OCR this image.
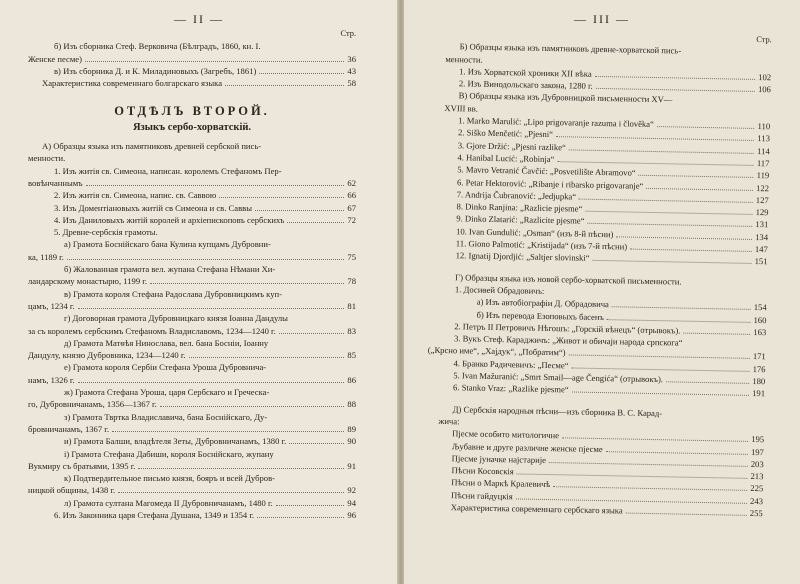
— II —
Стр.
б) Изъ сборника Стеф. Верковича (Бѣлградъ, 1860, кн. I.
Женске песме)	36
в) Изъ сборника Д. и К. Миладиновыхъ (Загребъ, 1861)	43
Характеристика современнаго болгарскаго языка	58
ОТДѢЛЪ ВТОРОЙ.
Языкъ сербо-хорватскій.
А) Образцы языка изъ памятниковъ древней сербской пись-
менности.
1. Изъ житія св. Симеона, написан. королемъ Стефаномъ Пер-
вовѣнчаннымъ	62
2. Изъ житія св. Симеона, напис. св. Саввою	66
3. Изъ Доментіановыхъ житій св Симеона и св. Саввы	67
4. Изъ Даниловыхъ житій королей и архіепископовъ сербскихъ	72
5. Древне-сербскія грамоты.
а) Грамота Боснійскаго бана Кулина купцамъ Дубровни-
ка, 1189 г.	75
б) Жалованная грамота вел. жупана Стефана Нѣмани Хи-
ландарскому монастырю, 1199 г.	78
в) Грамота короля Стефана Радослава Дубровницкимъ куп-
цамъ, 1234 г.	81
г) Договорная грамота Дубровницкаго князя Іоанна Дандулы
за съ королемъ сербскимъ Стефаномъ Владиславомъ, 1234—1240 г.	83
д) Грамота Матѳѣя Нинославa, вел. бана Босніи, Іоанну
Дандулу, князю Дубровника, 1234—1240 г.	85
е) Грамота короля Сербіи Стефана Уроша Дубровнича-
намъ, 1326 г.	86
ж) Грамота Стефана Уроша, царя Сербскаго и Греческа-
го, Дубровничанамъ, 1356—1367 г.	88
з) Грамота Твртка Владиславича, бана Боснійскаго, Ду-
бровничанамъ, 1367 г.	89
и) Грамота Балши, владѣтеля Зеты, Дубровничанамъ, 1380 г.	90
і) Грамота Стефана Дабиши, короля Боснійскаго, жупану
Вукмиру съ братьями, 1395 г.	91
к) Подтвердительное письмо князя, бояръ и всей Дубров-
ницкой общины, 1438 г.	92
л) Грамота султана Магомеда II Дубровничанамъ, 1480 г.	94
6. Изъ Законника царя Стефана Душана, 1349 и 1354 г.	96
— III —
Стр.
Б) Образцы языка изъ памятниковъ древне-хорватской пись-
менности.
1. Изъ Хорватской хроники XII вѣка	102
2. Изъ Винодольскаго закона, 1280 г.	106
В) Образцы языка изъ Дубровницкой письменности XV—
XVIII вв.
1. Marko Marulić: „Lipo prigovaranje razuma i člověka“	110
2. Siško Menčetić: „Pjesni“	113
3. Gjore Držić: „Pjesni razlike“	114
4. Hanibal Lucić: „Robinja“	117
5. Mavro Vetranić Čavčić: „Posvetilište Abramovo“	119
6. Petar Hektorović: „Ribanje i ribarsko prigovaranje“	122
7. Andrija Čubranović: „Jedjupka“	127
8. Dinko Ranjina: „Razlicie pjesme“	129
9. Dinko Zlatarić: „Razlicite pjesme“	131
10. Ivan Gundulić: „Osman“ (изъ 8-й пѣсни)	134
11. Giono Palmotić: „Kristijada“ (изъ 7-й пѣсни)	147
12. Ignatij Djordjić: „Saltjer slovinski“	151
Г) Образцы языка изъ новой сербо-хорватской письменности.
1. Досиѳей Обрадовичъ:
а) Изъ автобіографіи Д. Обрадовича	154
б) Изъ перевода Езоповыхъ басенъ	160
2. Петръ II Петровичъ Нѣгошъ: „Горскій вѣнецъ“ (отрывокъ).	163
3. Вукъ Стеф. Караджичъ: „Живот и обичаји народа српскога“
(„Крсно име“, „Хајдук“, „Побратим“)	171
4. Бранко Радичевичъ: „Песме“	176
5. Ivan Mažuranić: „Smrt Smail—age Čengića“ (отрывокъ).	180
6. Stanko Vraz: „Razlike pjesme“	191
Д) Сербскія народныя пѣсни—изъ сборника В. С. Карад-
жича:
Пјесме особито митологичне	195
Љубавне и друге различне женске пјесме	197
Пјесме јуначке најстарије	203
Пѣсни Косовскія	213
Пѣсни о Маркѣ Кралевичѣ	225
Пѣсни гайдуцкія	243
Характеристика современнаго сербскаго языка	255
